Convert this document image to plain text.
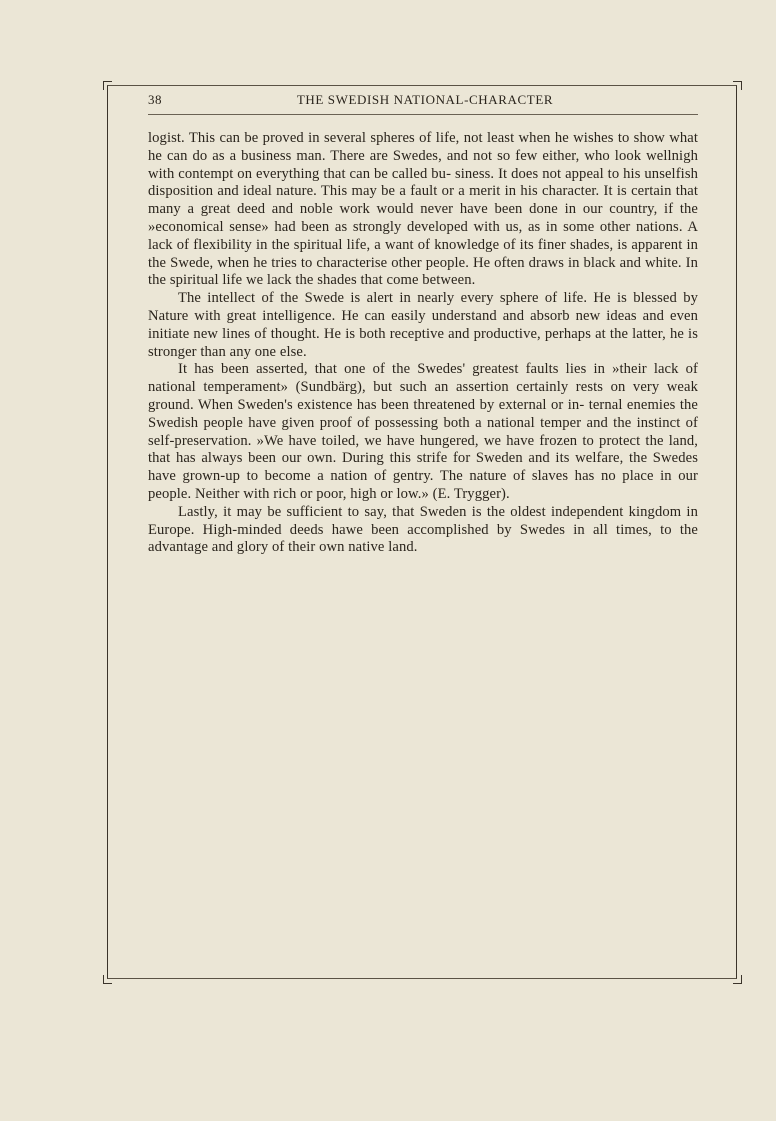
38	THE SWEDISH NATIONAL-CHARACTER

logist. This can be proved in several spheres of life, not least when he wishes to show what he can do as a business man. There are Swedes, and not so few either, who look wellnigh with contempt on everything that can be called bu- siness. It does not appeal to his unselfish disposition and ideal nature. This may be a fault or a merit in his character. It is certain that many a great deed and noble work would never have been done in our country, if the »economical sense» had been as strongly developed with us, as in some other nations. A lack of flexibility in the spiritual life, a want of knowledge of its finer shades, is apparent in the Swede, when he tries to characterise other people. He often draws in black and white. In the spiritual life we lack the shades that come between.

The intellect of the Swede is alert in nearly every sphere of life. He is blessed by Nature with great intelligence. He can easily understand and absorb new ideas and even initiate new lines of thought. He is both receptive and productive, perhaps at the latter, he is stronger than any one else.

It has been asserted, that one of the Swedes' greatest faults lies in »their lack of national temperament» (Sundbärg), but such an assertion certainly rests on very weak ground. When Sweden's existence has been threatened by external or in- ternal enemies the Swedish people have given proof of possessing both a national temper and the instinct of self-preservation. »We have toiled, we have hungered, we have frozen to protect the land, that has always been our own. During this strife for Sweden and its welfare, the Swedes have grown-up to become a nation of gentry. The nature of slaves has no place in our people. Neither with rich or poor, high or low.» (E. Trygger).

Lastly, it may be sufficient to say, that Sweden is the oldest independent kingdom in Europe. High-minded deeds hawe been accomplished by Swedes in all times, to the advantage and glory of their own native land.
